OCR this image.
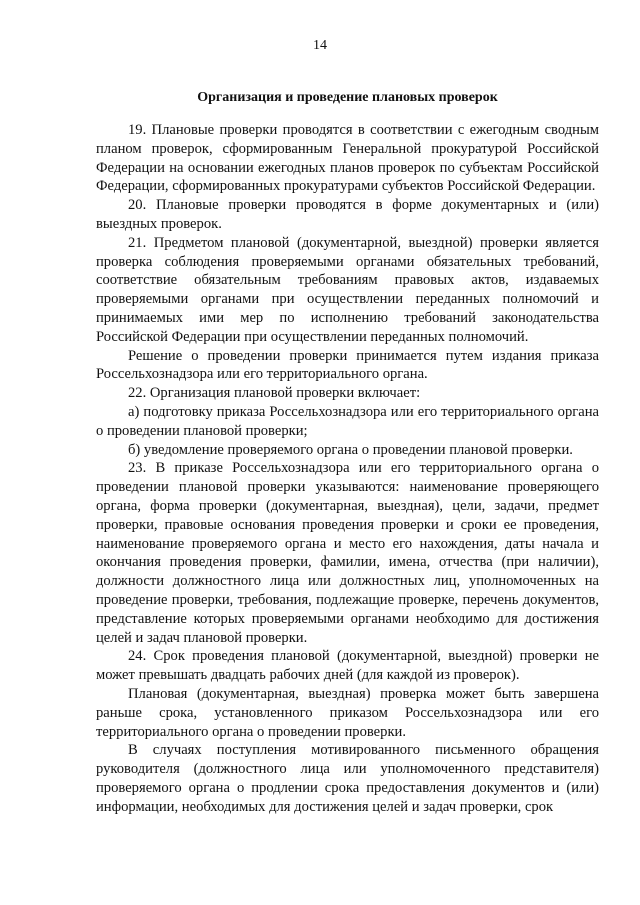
14
Организация и проведение плановых проверок

19. Плановые проверки проводятся в соответствии с ежегодным сводным планом проверок, сформированным Генеральной прокуратурой Российской Федерации на основании ежегодных планов проверок по субъектам Российской Федерации, сформированных прокуратурами субъектов Российской Федерации.

20. Плановые проверки проводятся в форме документарных и (или) выездных проверок.

21. Предметом плановой (документарной, выездной) проверки является проверка соблюдения проверяемыми органами обязательных требований, соответствие обязательным требованиям правовых актов, издаваемых проверяемыми органами при осуществлении переданных полномочий и принимаемых ими мер по исполнению требований законодательства Российской Федерации при осуществлении переданных полномочий.

Решение о проведении проверки принимается путем издания приказа Россельхознадзора или его территориального органа.

22. Организация плановой проверки включает:

а) подготовку приказа Россельхознадзора или его территориального органа о проведении плановой проверки;

б) уведомление проверяемого органа о проведении плановой проверки.

23. В приказе Россельхознадзора или его территориального органа о проведении плановой проверки указываются: наименование проверяющего органа, форма проверки (документарная, выездная), цели, задачи, предмет проверки, правовые основания проведения проверки и сроки ее проведения, наименование проверяемого органа и место его нахождения, даты начала и окончания проведения проверки, фамилии, имена, отчества (при наличии), должности должностного лица или должностных лиц, уполномоченных на проведение проверки, требования, подлежащие проверке, перечень документов, представление которых проверяемыми органами необходимо для достижения целей и задач плановой проверки.

24. Срок проведения плановой (документарной, выездной) проверки не может превышать двадцать рабочих дней (для каждой из проверок).

Плановая (документарная, выездная) проверка может быть завершена раньше срока, установленного приказом Россельхознадзора или его территориального органа о проведении проверки.

В случаях поступления мотивированного письменного обращения руководителя (должностного лица или уполномоченного представителя) проверяемого органа о продлении срока предоставления документов и (или) информации, необходимых для достижения целей и задач проверки, срок
